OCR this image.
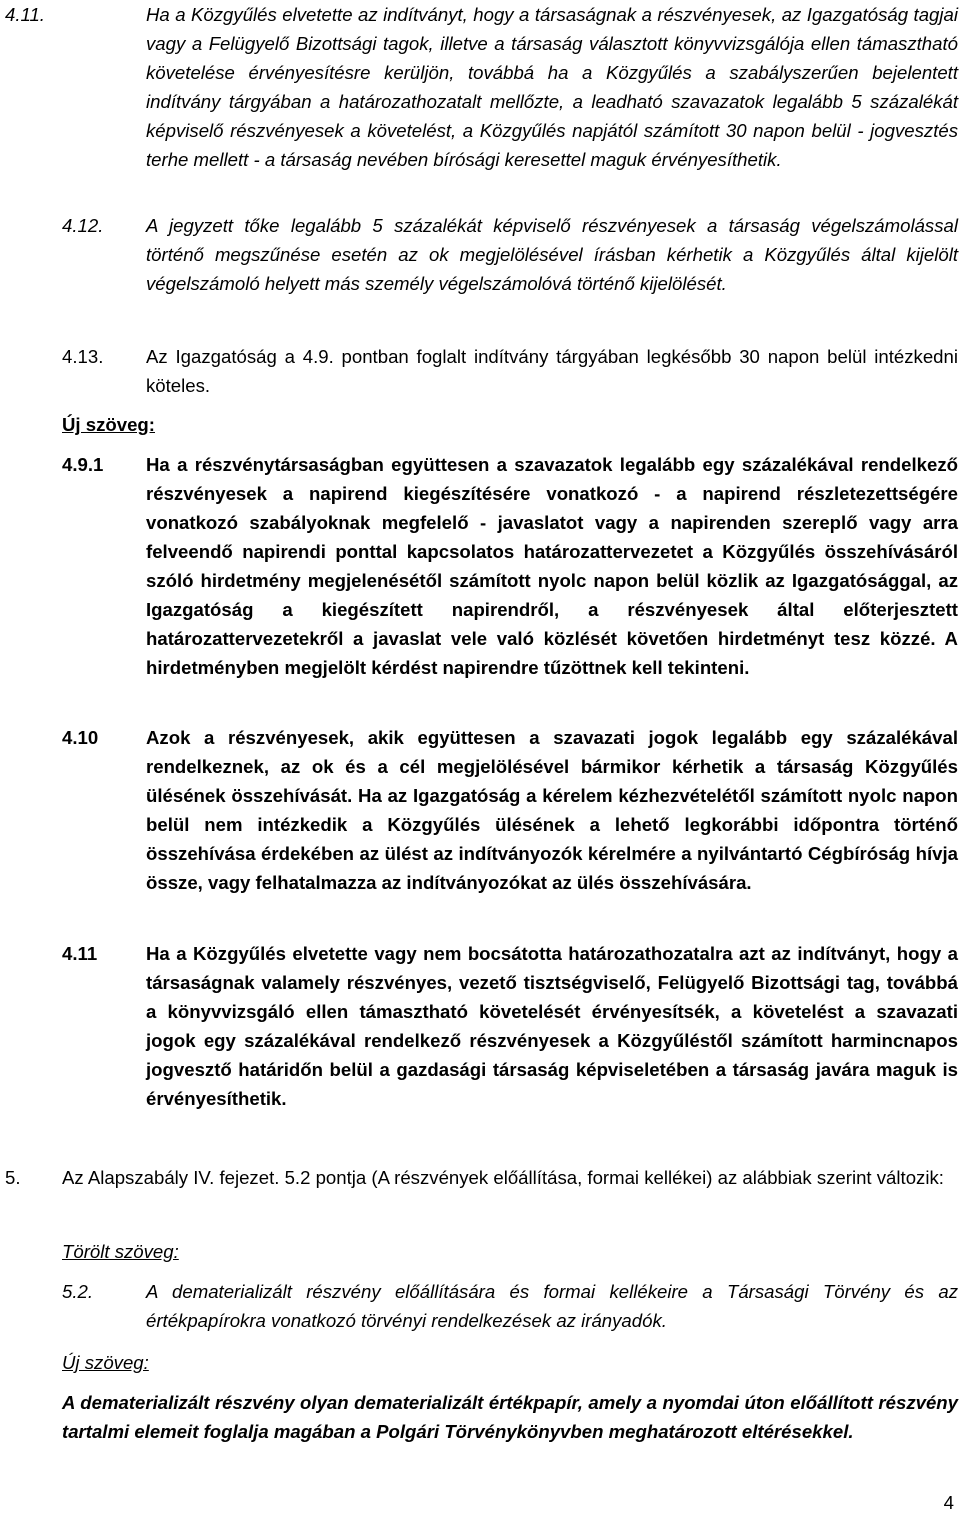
4.11.	Ha a Közgyűlés elvetette az indítványt, hogy a társaságnak a részvényesek, az Igazgatóság tagjai vagy a Felügyelő Bizottsági tagok, illetve a társaság választott könyvvizsgálója ellen támasztható követelése érvényesítésre kerüljön, továbbá ha a Közgyűlés a szabályszerűen bejelentett indítvány tárgyában a határozathozatalt mellőzte, a leadható szavazatok legalább 5 százalékát képviselő részvényesek a követelést, a Közgyűlés napjától számított 30 napon belül - jogvesztés terhe mellett - a társaság nevében bírósági keresettel maguk érvényesíthetik.
4.12. A jegyzett tőke legalább 5 százalékát képviselő részvényesek a társaság végelszámolással történő megszűnése esetén az ok megjelölésével írásban kérhetik a Közgyűlés által kijelölt végelszámoló helyett más személy végelszámolóvá történő kijelölését.
4.13. Az Igazgatóság a 4.9. pontban foglalt indítvány tárgyában legkésőbb 30 napon belül intézkedni köteles.
Új szöveg:
4.9.1 Ha a részvénytársaságban együttesen a szavazatok legalább egy százalékával rendelkező részvényesek a napirend kiegészítésére vonatkozó - a napirend részletezettségére vonatkozó szabályoknak megfelelő - javaslatot vagy a napirenden szereplő vagy arra felveendő napirendi ponttal kapcsolatos határozattervezetet a Közgyűlés összehívásáról szóló hirdetmény megjelenésétől számított nyolc napon belül közlik az Igazgatósággal, az Igazgatóság a kiegészített napirendről, a részvényesek által előterjesztett határozattervezetekről a javaslat vele való közlését követően hirdetményt tesz közzé. A hirdetményben megjelölt kérdést napirendre tűzöttnek kell tekinteni.
4.10	Azok a részvényesek, akik együttesen a szavazati jogok legalább egy százalékával rendelkeznek, az ok és a cél megjelölésével bármikor kérhetik a társaság Közgyűlés ülésének összehívását. Ha az Igazgatóság a kérelem kézhezvételétől számított nyolc napon belül nem intézkedik a Közgyűlés ülésének a lehető legkorábbi időpontra történő összehívása érdekében az ülést az indítványozók kérelmére a nyilvántartó Cégbíróság hívja össze, vagy felhatalmazza az indítványozókat az ülés összehívására.
4.11	Ha a Közgyűlés elvetette vagy nem bocsátotta határozathozatalra azt az indítványt, hogy a társaságnak valamely részvényes, vezető tisztségviselő, Felügyelő Bizottsági tag, továbbá a könyvvizsgáló ellen támasztható követelését érvényesítsék, a követelést a szavazati jogok egy százalékával rendelkező részvényesek a Közgyűléstől számított harmincnapos jogvesztő határidőn belül a gazdasági társaság képviseletében a társaság javára maguk is érvényesíthetik.
5. Az Alapszabály IV. fejezet. 5.2 pontja (A részvények előállítása, formai kellékei) az alábbiak szerint változik:
Törölt szöveg:
5.2.	A dematerializált részvény előállítására és formai kellékeire a Társasági Törvény és az értékpapírokra vonatkozó törvényi rendelkezések az irányadók.
Új szöveg:
A dematerializált részvény olyan dematerializált értékpapír, amely a nyomdai úton előállított részvény tartalmi elemeit foglalja magában a Polgári Törvénykönyvben meghatározott eltérésekkel.
4
